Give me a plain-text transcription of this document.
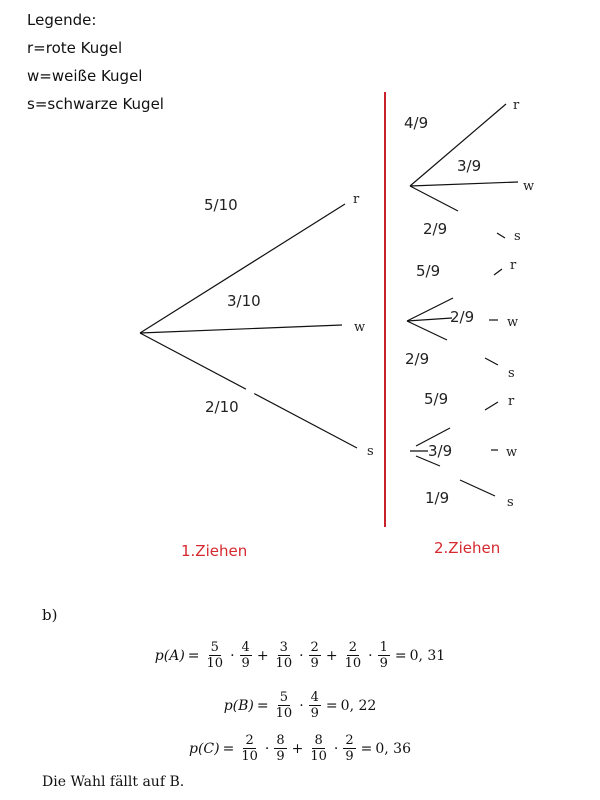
Legende:
r=rote Kugel
w=weiße Kugel
s=schwarze Kugel
5/10
3/10
2/10
r
w
s
4/9
3/9
2/9
r
w
s
5/9
2/9
2/9
r
w
s
5/9
3/9
1/9
r
w
s
1.Ziehen	2.Ziehen
b)
$p(A) = \frac{5}{10} \cdot \frac{4}{9} + \frac{3}{10} \cdot \frac{2}{9} + \frac{2}{10} \cdot \frac{1}{9} = 0$, 31
$p(B) = \frac{5}{10} \cdot \frac{4}{9} = 0$, 22
$p(C) = \frac{2}{10} \cdot \frac{8}{9} + \frac{8}{10} \cdot \frac{2}{9} = 0$, 36
Die Wahl fällt auf B.
